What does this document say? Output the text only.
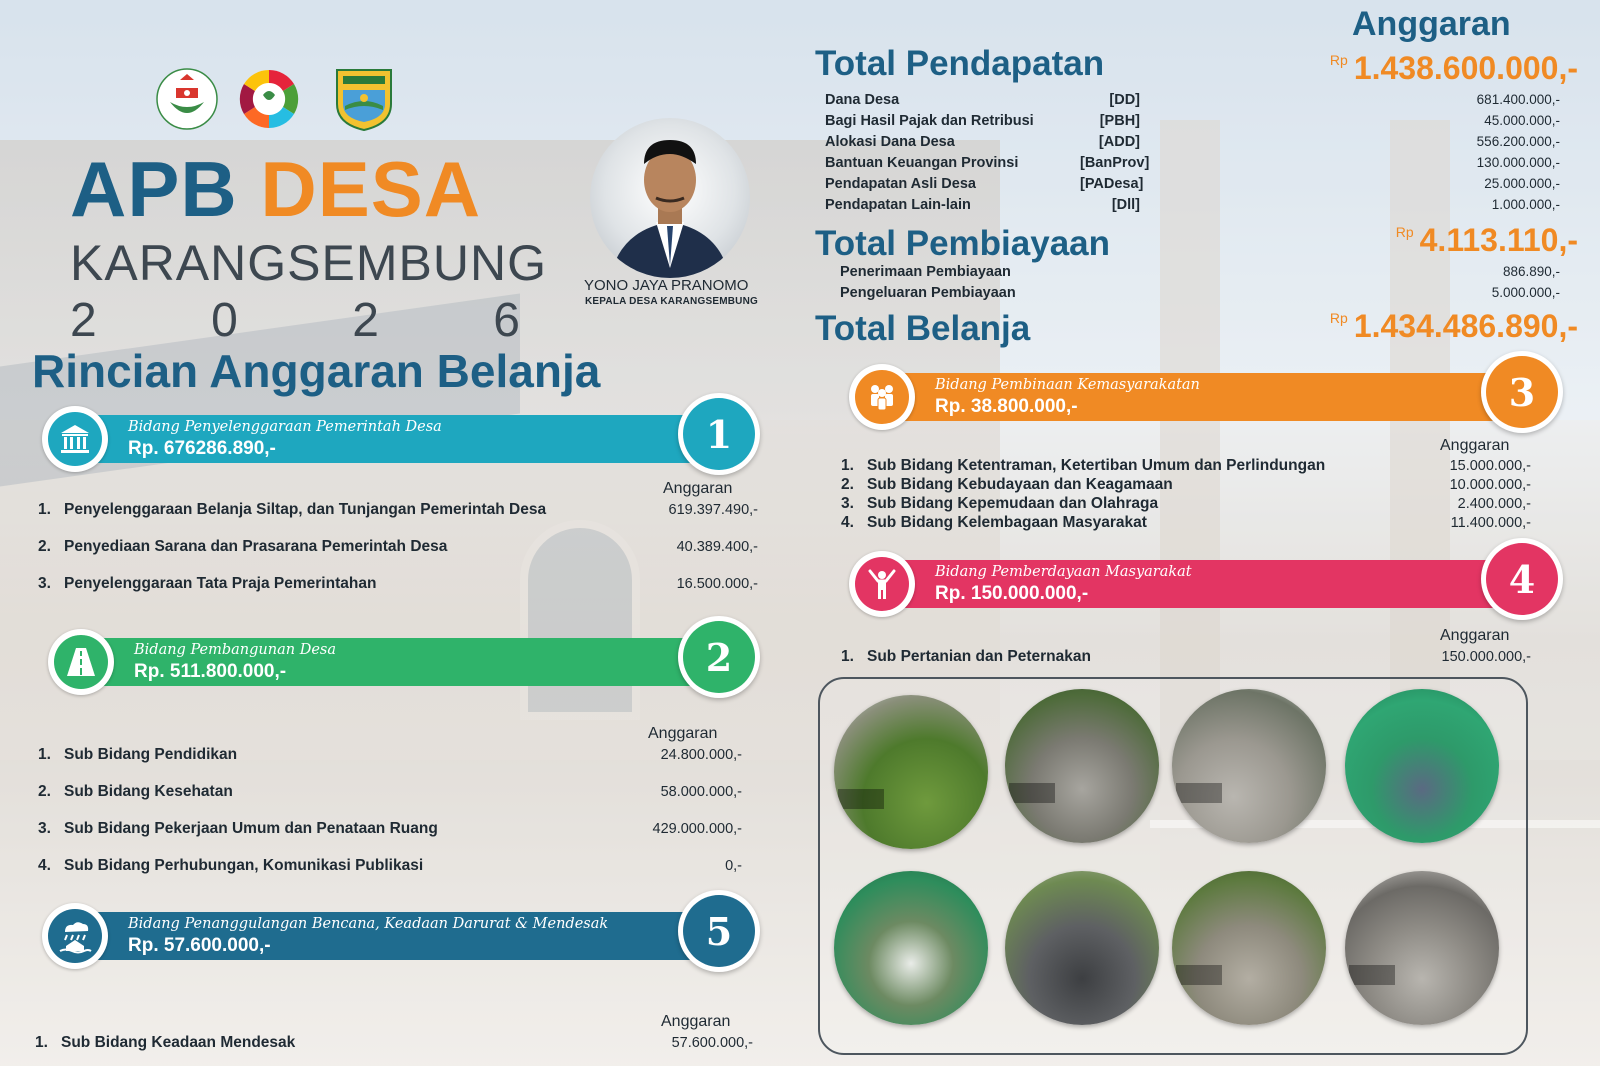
APB DESA
KARANGSEMBUNG
2 0 2 6
Rincian Anggaran Belanja
YONO JAYA PRANOMO
KEPALA DESA KARANGSEMBUNG
Anggaran
Total Pendapatan	$^{Rp}$ 1.438.600.000,-
Dana Desa	[DD]	681.400.000,-
Bagi Hasil Pajak dan Retribusi	[PBH]	45.000.000,-
Alokasi Dana Desa	[ADD]	556.200.000,-
Bantuan Keuangan Provinsi	[BanProv]	130.000.000,-
Pendapatan Asli Desa	[PADesa]	25.000.000,-
Pendapatan Lain-lain	[Dll]	1.000.000,-
Total Pembiayaan	$^{Rp}$ 4.113.110,-
Penerimaan Pembiayaan	886.890,-
Pengeluaran Pembiayaan	5.000.000,-
Total Belanja	$^{Rp}$ 1.434.486.890,-
Bidang Penyelenggaraan Pemerintah Desa
Rp. 676286.890,-	1
Anggaran
1. Penyelenggaraan Belanja Siltap, dan Tunjangan Pemerintah Desa	619.397.490,-
2. Penyediaan Sarana dan Prasarana Pemerintah Desa	40.389.400,-
3. Penyelenggaraan Tata Praja Pemerintahan	16.500.000,-
Bidang Pembangunan Desa
Rp. 511.800.000,-	2
Anggaran
1. Sub Bidang Pendidikan	24.800.000,-
2. Sub Bidang Kesehatan	58.000.000,-
3. Sub Bidang Pekerjaan Umum dan Penataan Ruang	429.000.000,-
4. Sub Bidang Perhubungan, Komunikasi Publikasi	0,-
Bidang Penanggulangan Bencana, Keadaan Darurat & Mendesak
Rp. 57.600.000,-	5
Anggaran
1. Sub Bidang Keadaan Mendesak	57.600.000,-
Bidang Pembinaan Kemasyarakatan
Rp. 38.800.000,-	3
Anggaran
1. Sub Bidang Ketentraman, Ketertiban Umum dan Perlindungan	15.000.000,-
2. Sub Bidang Kebudayaan dan Keagamaan	10.000.000,-
3. Sub Bidang Kepemudaan dan Olahraga	2.400.000,-
4. Sub Bidang Kelembagaan Masyarakat	11.400.000,-
Bidang Pemberdayaan Masyarakat
Rp. 150.000.000,-	4
Anggaran
1. Sub Pertanian dan Peternakan	150.000.000,-
